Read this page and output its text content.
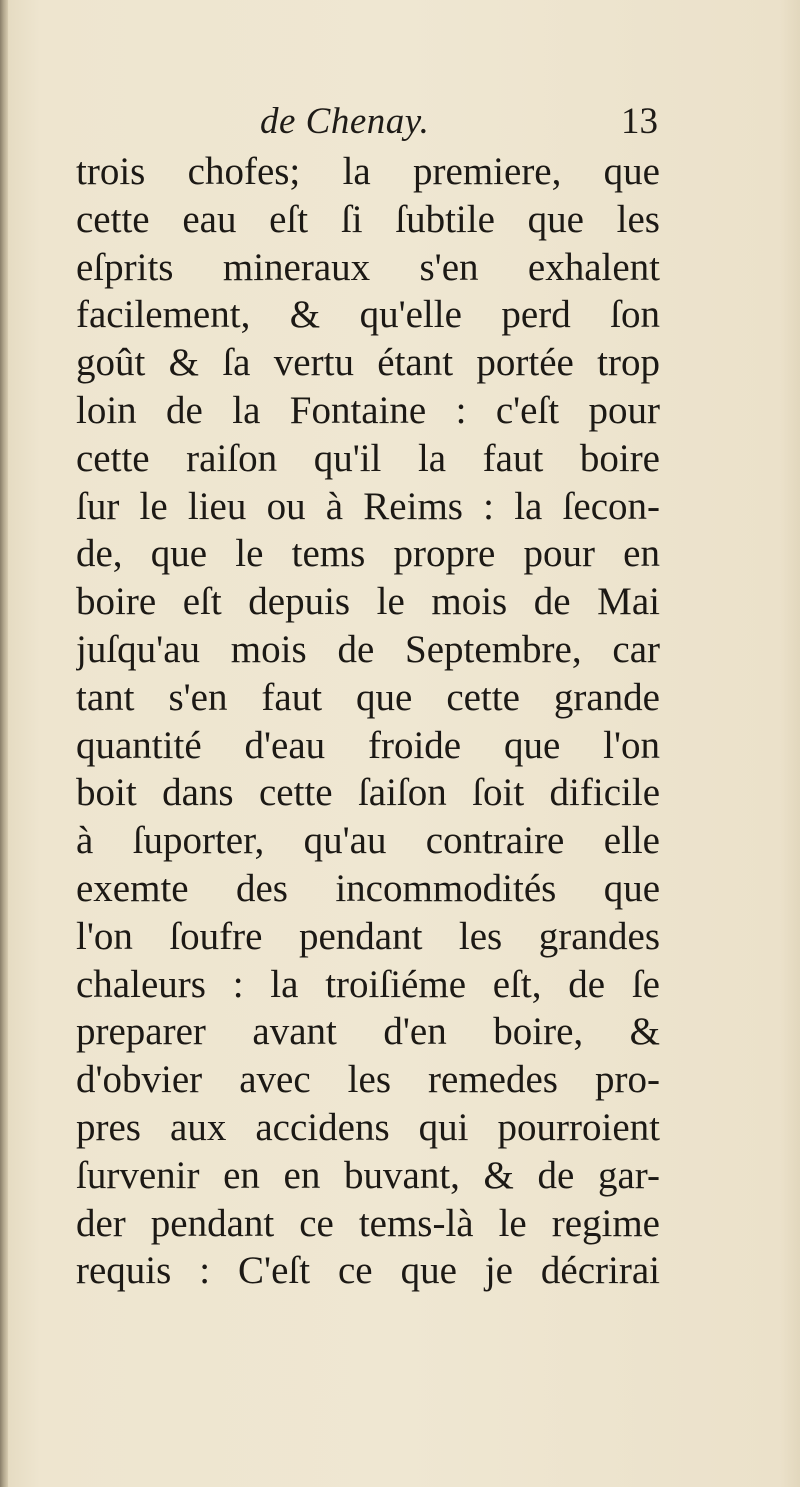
de Chenay.	13
trois chofes; la premiere, que
cette eau eſt ſi ſubtile que les
eſprits mineraux s'en exhalent
facilement, & qu'elle perd ſon
goût & ſa vertu étant portée trop
loin de la Fontaine : c'eſt pour
cette raiſon qu'il la faut boire
ſur le lieu ou à Reims : la ſecon-
de, que le tems propre pour en
boire eſt depuis le mois de Mai
juſqu'au mois de Septembre, car
tant s'en faut que cette grande
quantité d'eau froide que l'on
boit dans cette ſaiſon ſoit dificile
à ſuporter, qu'au contraire elle
exemte des incommodités que
l'on ſoufre pendant les grandes
chaleurs : la troiſiéme eſt, de ſe
preparer avant d'en boire, &
d'obvier avec les remedes pro-
pres aux accidens qui pourroient
ſurvenir en en buvant, & de gar-
der pendant ce tems-là le regime
requis : C'eſt ce que je décrirai
